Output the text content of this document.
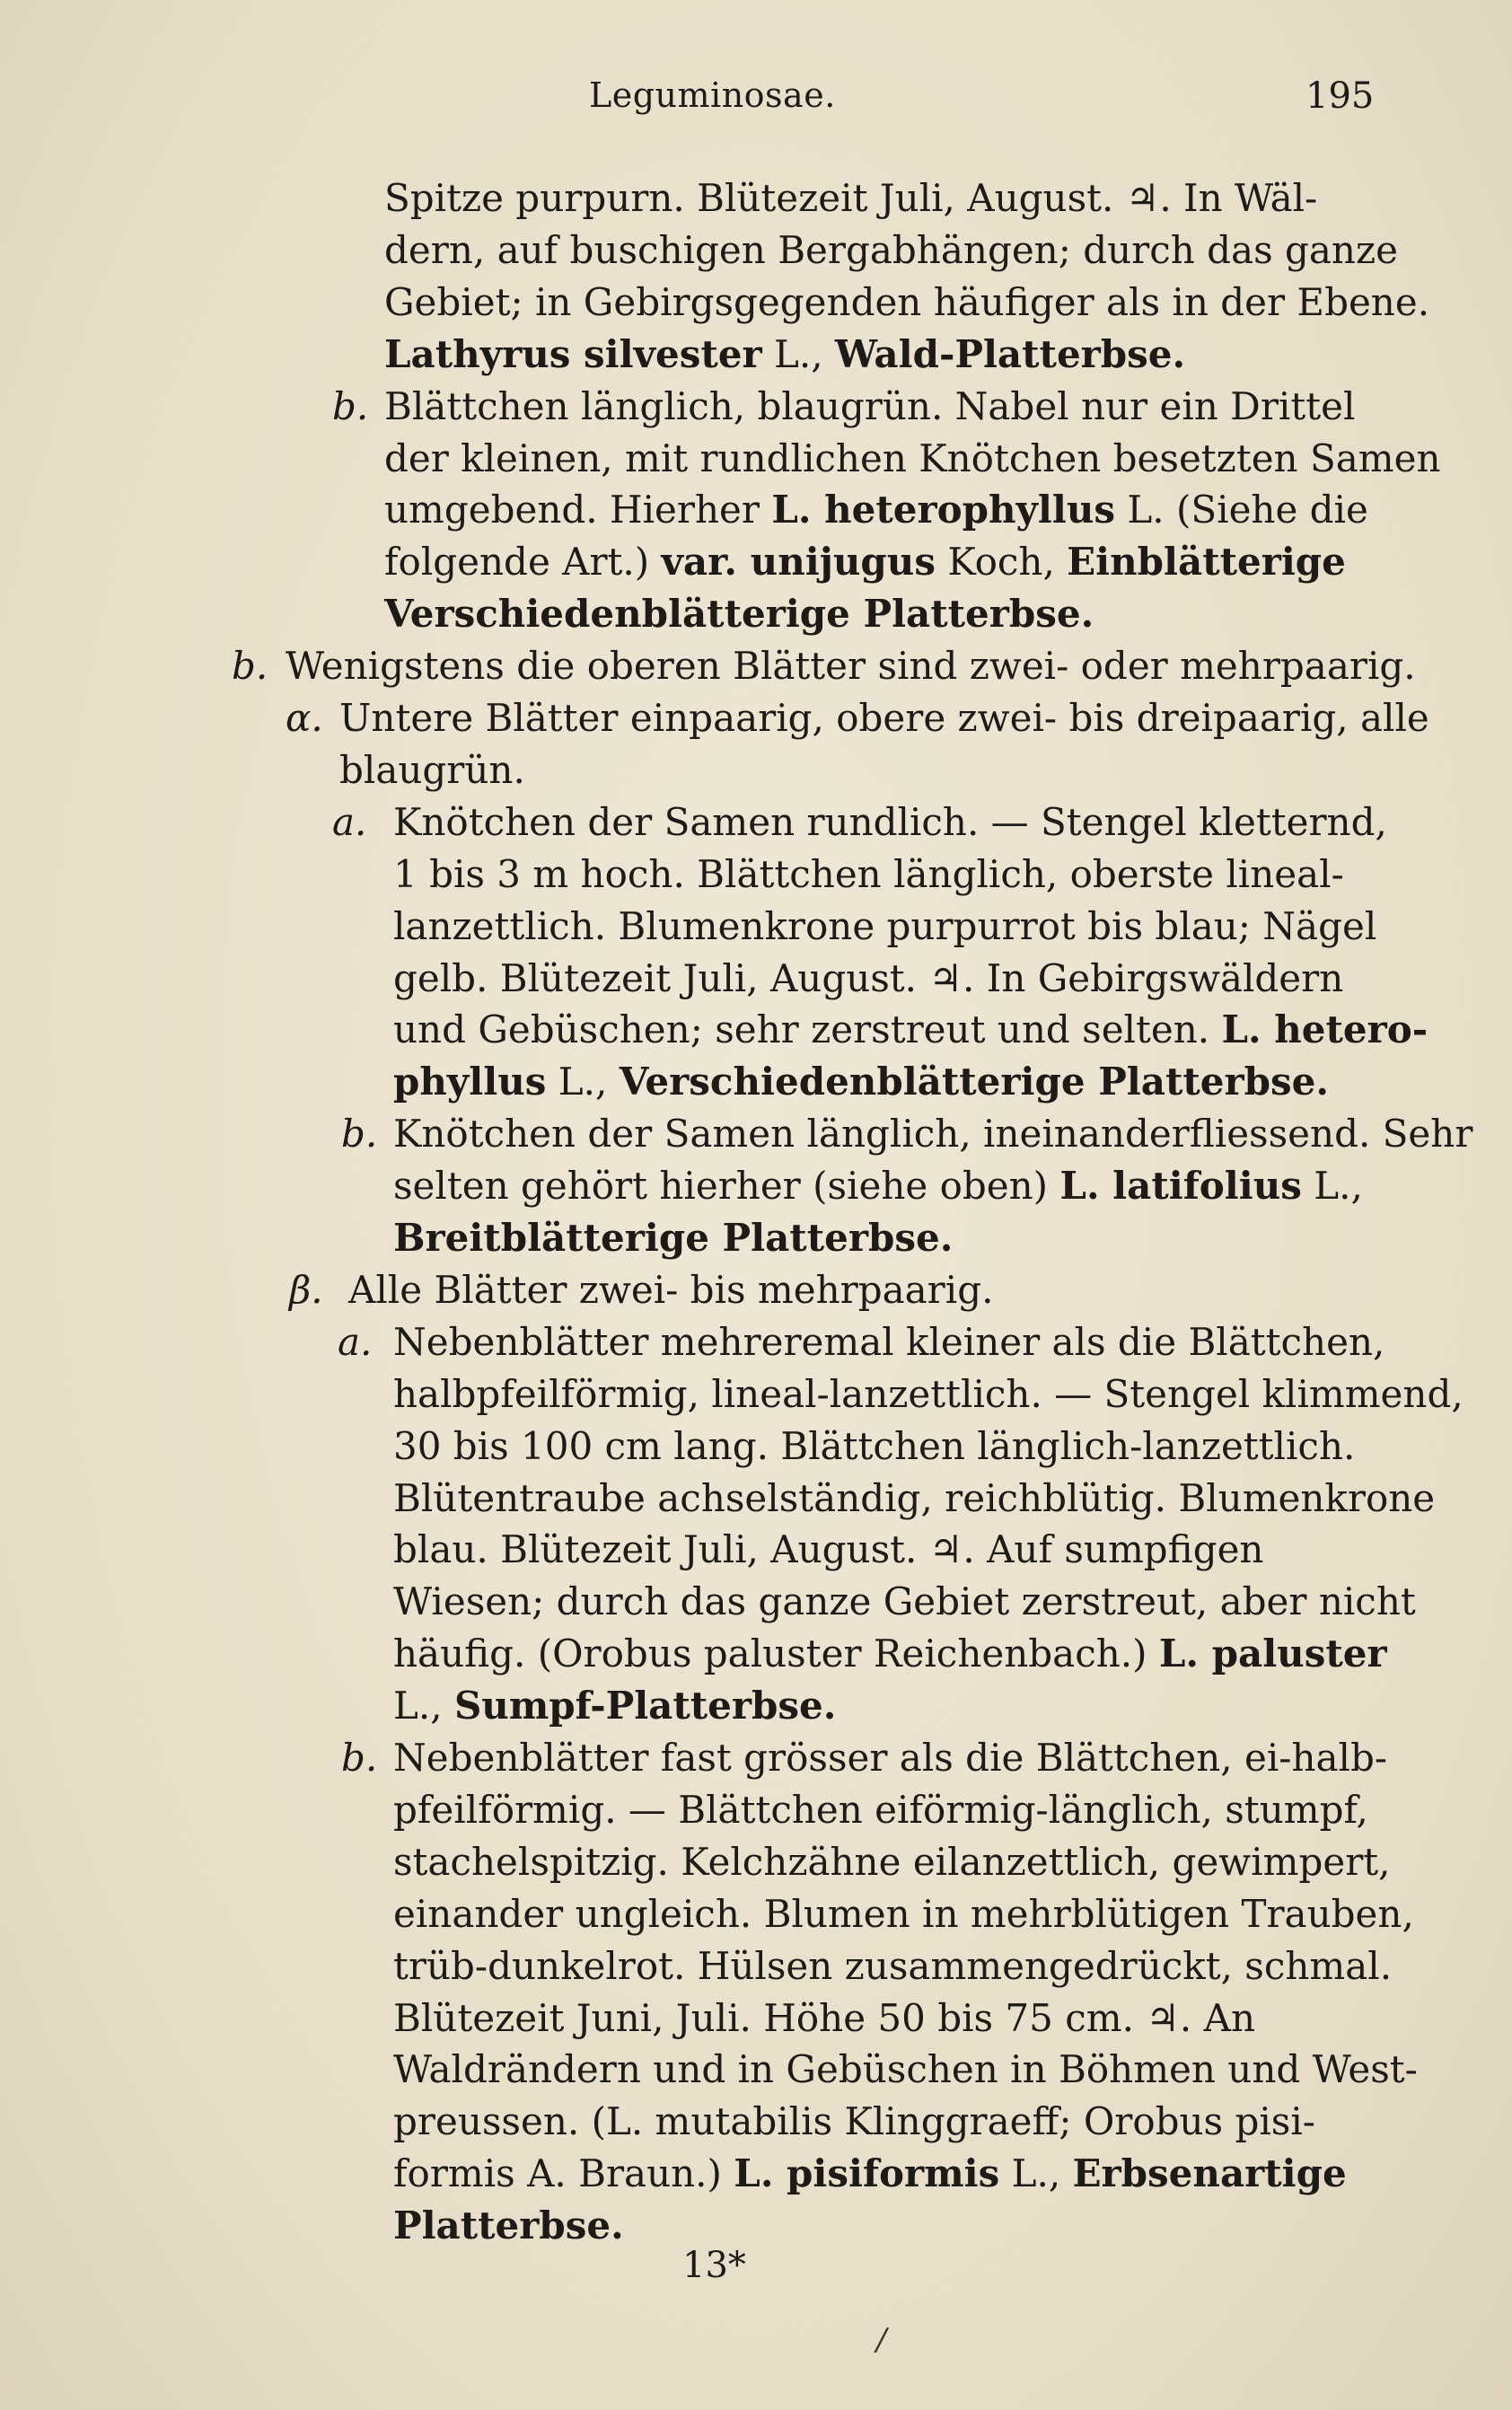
Leguminosae.	195
Spitze purpurn. Blütezeit Juli, August. ♃. In Wäl-
dern, auf buschigen Bergabhängen; durch das ganze
Gebiet; in Gebirgsgegenden häufiger als in der Ebene.
Lathyrus silvester L., Wald-Platterbse.
b. Blättchen länglich, blaugrün. Nabel nur ein Drittel
der kleinen, mit rundlichen Knötchen besetzten Samen
umgebend. Hierher L. heterophyllus L. (Siehe die
folgende Art.) var. unijugus Koch, Einblätterige
Verschiedenblätterige Platterbse.
b. Wenigstens die oberen Blätter sind zwei- oder mehrpaarig.
α. Untere Blätter einpaarig, obere zwei- bis dreipaarig, alle
blaugrün.
a. Knötchen der Samen rundlich. — Stengel kletternd,
1 bis 3 m hoch. Blättchen länglich, oberste lineal-
lanzettlich. Blumenkrone purpurrot bis blau; Nägel
gelb. Blütezeit Juli, August. ♃. In Gebirgswäldern
und Gebüschen; sehr zerstreut und selten. L. hetero-
phyllus L., Verschiedenblätterige Platterbse.
b. Knötchen der Samen länglich, ineinanderfliessend. Sehr
selten gehört hierher (siehe oben) L. latifolius L.,
Breitblätterige Platterbse.
β. Alle Blätter zwei- bis mehrpaarig.
a. Nebenblätter mehreremal kleiner als die Blättchen,
halbpfeilförmig, lineal-lanzettlich. — Stengel klimmend,
30 bis 100 cm lang. Blättchen länglich-lanzettlich.
Blütentraube achselständig, reichblütig. Blumenkrone
blau. Blütezeit Juli, August. ♃. Auf sumpfigen
Wiesen; durch das ganze Gebiet zerstreut, aber nicht
häufig. (Orobus paluster Reichenbach.) L. paluster
L., Sumpf-Platterbse.
b. Nebenblätter fast grösser als die Blättchen, ei-halb-
pfeilförmig. — Blättchen eiförmig-länglich, stumpf,
stachelspitzig. Kelchzähne eilanzettlich, gewimpert,
einander ungleich. Blumen in mehrblütigen Trauben,
trüb-dunkelrot. Hülsen zusammengedrückt, schmal.
Blütezeit Juni, Juli. Höhe 50 bis 75 cm. ♃. An
Waldrändern und in Gebüschen in Böhmen und West-
preussen. (L. mutabilis Klinggraeff; Orobus pisi-
formis A. Braun.) L. pisiformis L., Erbsenartige
Platterbse.
13*
/
